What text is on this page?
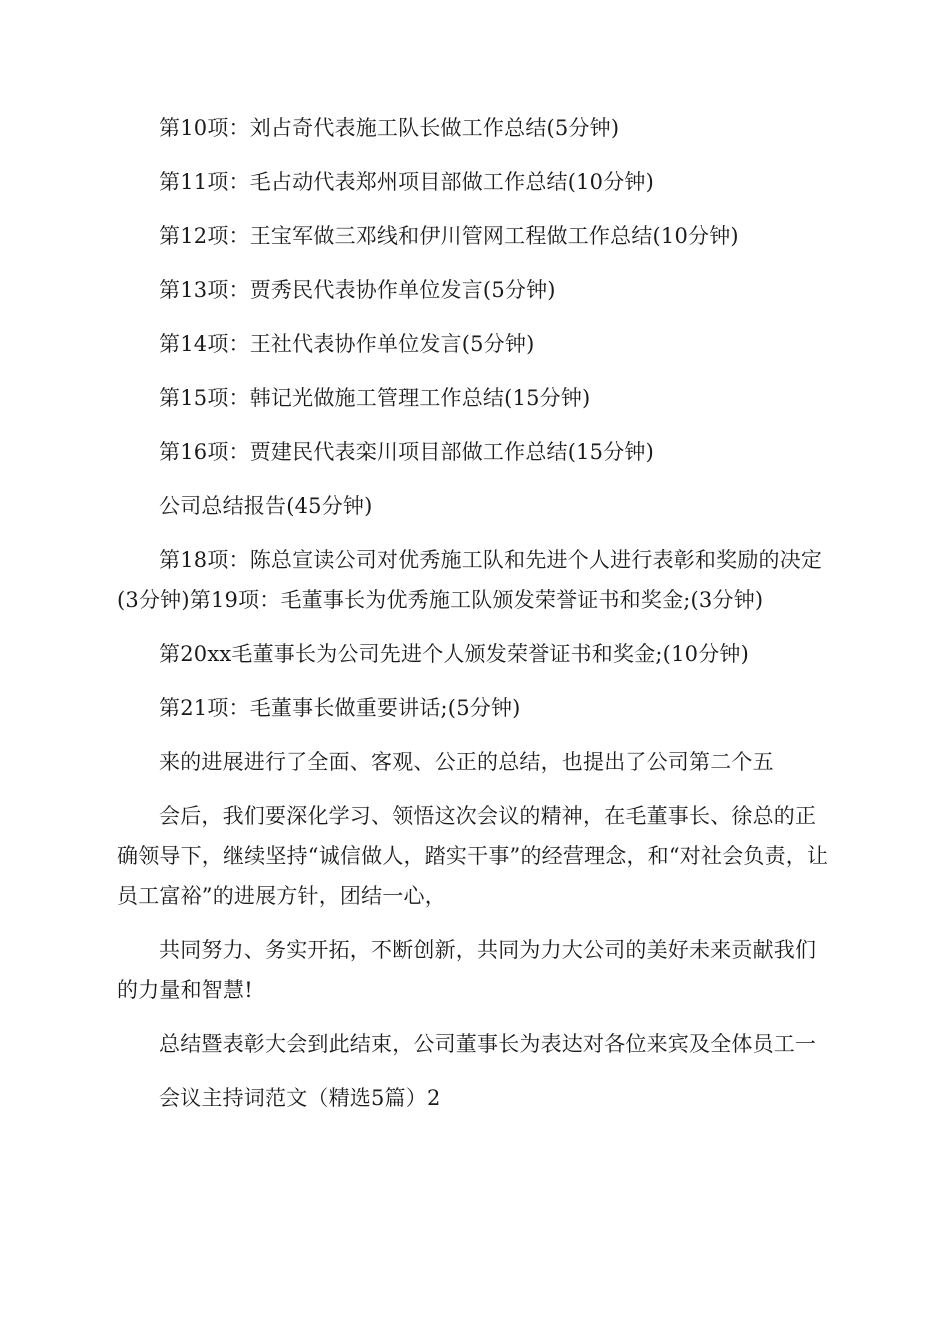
第10项：刘占奇代表施工队长做工作总结(5分钟)

第11项：毛占动代表郑州项目部做工作总结(10分钟)

第12项：王宝军做三邓线和伊川管网工程做工作总结(10分钟)

第13项：贾秀民代表协作单位发言(5分钟)

第14项：王社代表协作单位发言(5分钟)

第15项：韩记光做施工管理工作总结(15分钟)

第16项：贾建民代表栾川项目部做工作总结(15分钟)

公司总结报告(45分钟)

第18项：陈总宣读公司对优秀施工队和先进个人进行表彰和奖励的决定(3分钟)第19项：毛董事长为优秀施工队颁发荣誉证书和奖金;(3分钟)

第20xx毛董事长为公司先进个人颁发荣誉证书和奖金;(10分钟)

第21项：毛董事长做重要讲话;(5分钟)

来的进展进行了全面、客观、公正的总结，也提出了公司第二个五

会后，我们要深化学习、领悟这次会议的精神，在毛董事长、徐总的正确领导下，继续坚持“诚信做人，踏实干事”的经营理念，和“对社会负责，让员工富裕”的进展方针，团结一心，

共同努力、务实开拓，不断创新，共同为力大公司的美好未来贡献我们的力量和智慧!

总结暨表彰大会到此结束，公司董事长为表达对各位来宾及全体员工一

会议主持词范文（精选5篇）2
